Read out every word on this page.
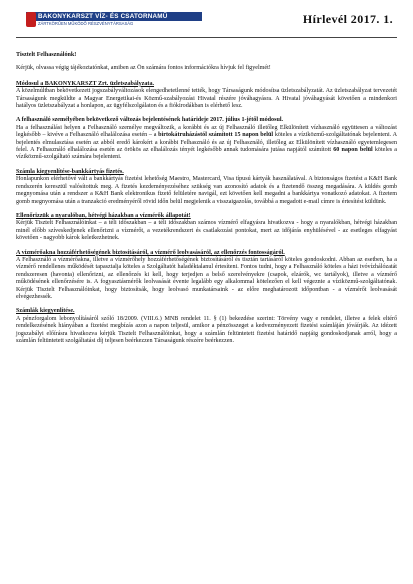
BAKONYKARSZT VÍZ- ÉS CSATORNAMŰ
ZÁRTKÖRŰEN MŰKÖDŐ RÉSZVÉNYTÁRSASÁG	Hírlevél 2017. 1.

Tisztelt Felhasználónk!

Kérjük, olvassa végig tájékoztatónkat, amiben az Ön számára fontos információkra hívjuk fel figyelmét!

Módosul a BAKONYKARSZT Zrt. üzletszabályzata.

A közelmúltban bekövetkezett jogszabályváltozások elengedhetetlenné tették, hogy Társaságunk módosítsa üzletszabályzatát. Az üzletszabályzat tervezetét Társaságunk megküldte a Magyar Energetikai-és Közmű-szabályozási Hivatal részére jóváhagyásra. A Hivatal jóváhagyását követően a mindenkori hatályos üzletszabályzat a honlapon, az ügyfélszolgálaton és a fiókirodákban is elérhető lesz.

A felhasználó személyében bekövetkező változás bejelentésének határideje 2017. július 1-jétől módosul.

Ha a felhasználási helyen a Felhasználó személye megváltozik, a korábbi és az új Felhasználó illetőleg Elkülönített vízhasználó együttesen a változást legkésőbb – kivéve a Felhasználó elhalálozása esetén – a birtokátruházástól számított 15 napon belül köteles a víziközmű-szolgáltatónak bejelenteni. A bejelentés elmulasztása esetén az abból eredő károkért a korábbi Felhasználó és az új Felhasználó, illetőleg az Elkülönített vízhasználó egyetemlegesen felel. A Felhasználó elhalálozása esetén az örökös az elhalálozás tényét legkésőbb annak tudomására jutása napjától számított 60 napon belül köteles a víziközmű-szolgáltató számára bejelenteni.

Számla kiegyenlítése-bankkártyás fizetés.

Honlapunkon elérhetővé vált a bankkártyás fizetési lehetőség Maestro, Mastercard, Visa típusú kártyák használatával. A biztonságos fizetést a K&H Bank rendszerén keresztül valósítottuk meg. A fizetés kezdeményezéséhez szükség van azonosító adatok és a fizetendő összeg megadására. A küldés gomb megnyomása után a rendszer a K&H Bank elektronikus fizető felületére navigál, ezt követően kell megadni a bankkártya vonatkozó adatokat. A fizetem gomb megnyomása után a tranzakció eredményéről rövid időn belül megjelenik a visszaigazolás, továbbá a megadott e-mail címre is értesítést küldünk.

Ellenőrizzük a nyaralóban, hétvégi házakban a vízmérők állapotát!

Kérjük Tisztelt Felhasználóinkat – a téli időszakban – a téli időszakban számos vízmérő elfagyásra hivatkozva - hogy a nyaralókban, hétvégi házakban minél előbb szíveskedjenek ellenőrizni a vízmérőt, a vezetékrendszert és csatlakozási pontokat, mert az időjárás enyhülésével - az esetleges elfagyást követően - nagyobb károk keletkezhetnek.

A vízmérőakna hozzáférhetőségének biztosításáról, a vízmérő leolvasásáról, az ellenőrzés fontosságáról.

A Felhasználó a vízmérőakna, illetve a vízmérőhely hozzáférhetőségének biztosításáról és tisztán tartásáról köteles gondoskodni. Abban az esetben, ha a vízmérő rendellenes működését tapasztalja köteles a Szolgáltatót haladéktalanul értesíteni. Fontos tudni, hogy a Felhasználó köteles a házi ivóvízhálózatát rendszeresen (havonta) ellenőrizni, az ellenőrzés ki kell, hogy terjedjen a belső szerelvényekre (csapok, elzárók, wc tartályok), illetve a vízmérő működésének ellenőrzésére is. A fogyasztásmérők leolvasását évente legalább egy alkalommal kötelezően el kell végeznie a víziközmű-szolgáltatónak. Kérjük Tisztelt Felhasználóinkat, hogy biztosítsák, hogy leolvasó munkatársaink - az előre meghatározott időpontban - a vízmérőt leolvasását elvégezhessék.

Számlák kiegyenlítése.

A pénzforgalom lebonyolításáról szóló 18/2009. (VIII.6.) MNB rendelet 11. § (1) bekezdése szerint: Törvény vagy e rendelet, illetve a felek eltérő rendelkezésének hiányában a fizetést megbízás azon a napon teljesül, amikor a pénzösszeget a kedvezményezett fizetési számláján jóváírják. Az idézett jogszabályi előírásra hivatkozva kérjük Tisztelt Felhasználóinkat, hogy a számlán feltüntetett fizetési határidő napjáig gondoskodjanak arról, hogy a számlán feltüntetett szolgáltatási díj teljesen beérkezzen Társaságunk részére beérkezzen.
